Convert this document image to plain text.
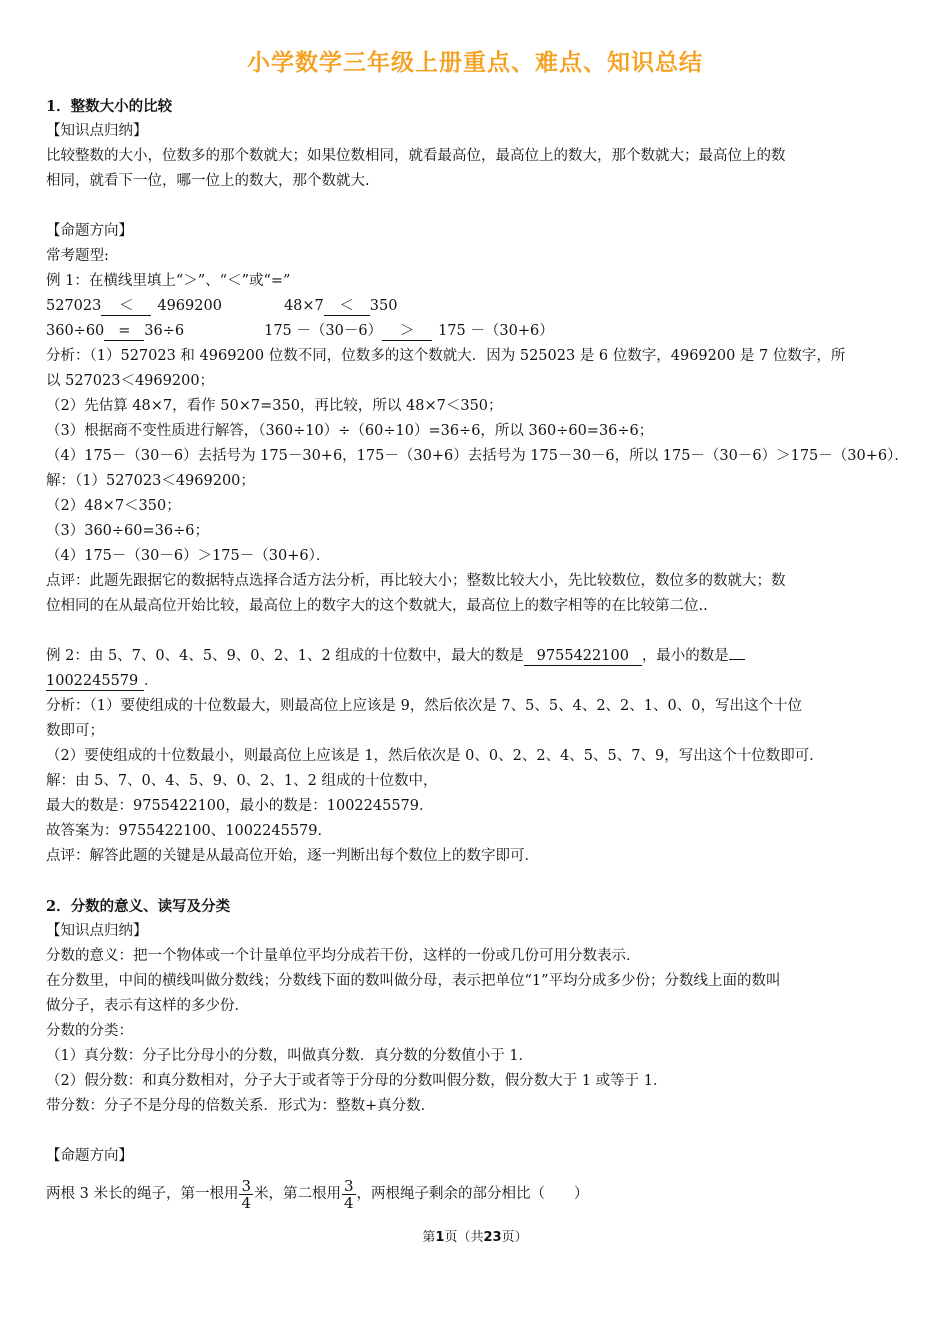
小学数学三年级上册重点、难点、知识总结
1．整数大小的比较
【知识点归纳】
比较整数的大小，位数多的那个数就大；如果位数相同，就看最高位，最高位上的数大，那个数就大；最高位上的数
相同，就看下一位，哪一位上的数大，那个数就大.
【命题方向】
常考题型:
例 1：在横线里填上“＞”、“＜”或“=”
527023 ＜ 4969200	48×7 ＜ 350
360÷60 = 36÷6	175 －（30－6） ＞ 175 －（30+6）
分析：（1）527023 和 4969200 位数不同，位数多的这个数就大．因为 525023 是 6 位数字，4969200 是 7 位数字，所
以 527023＜4969200；
（2）先估算 48×7，看作 50×7=350，再比较，所以 48×7＜350；
（3）根据商不变性质进行解答，（360÷10）÷（60÷10）=36÷6，所以 360÷60=36÷6；
（4）175－（30－6）去括号为 175－30+6，175－（30+6）去括号为 175－30－6，所以 175－（30－6）＞175－（30+6）．
解：（1）527023＜4969200；
（2）48×7＜350；
（3）360÷60=36÷6；
（4）175－（30－6）＞175－（30+6）．
点评：此题先跟据它的数据特点选择合适方法分析，再比较大小；整数比较大小，先比较数位，数位多的数就大；数
位相同的在从最高位开始比较，最高位上的数字大的这个数就大，最高位上的数字相等的在比较第二位..
例 2：由 5、7、0、4、5、9、0、2、1、2 组成的十位数中，最大的数是 9755422100 ，最小的数是
1002245579 ．
分析：（1）要使组成的十位数最大，则最高位上应该是 9，然后依次是 7、5、5、4、2、2、1、0、0，写出这个十位
数即可；
（2）要使组成的十位数最小，则最高位上应该是 1，然后依次是 0、0、2、2、4、5、5、7、9，写出这个十位数即可．
解：由 5、7、0、4、5、9、0、2、1、2 组成的十位数中，
最大的数是：9755422100，最小的数是：1002245579．
故答案为：9755422100、1002245579．
点评：解答此题的关键是从最高位开始，逐一判断出每个数位上的数字即可．
2．分数的意义、读写及分类
【知识点归纳】
分数的意义：把一个物体或一个计量单位平均分成若干份，这样的一份或几份可用分数表示．
在分数里，中间的横线叫做分数线；分数线下面的数叫做分母，表示把单位“1”平均分成多少份；分数线上面的数叫
做分子，表示有这样的多少份．
分数的分类：
（1）真分数：分子比分母小的分数，叫做真分数．真分数的分数值小于 1．
（2）假分数：和真分数相对，分子大于或者等于分母的分数叫假分数，假分数大于 1 或等于 1．
带分数：分子不是分母的倍数关系．形式为：整数+真分数．
【命题方向】
两根 3 米长的绳子，第一根用 $\frac{3}{4}$ 米，第二根用 $\frac{3}{4}$ ，两根绳子剩余的部分相比（　　）
第1页（共23页）
